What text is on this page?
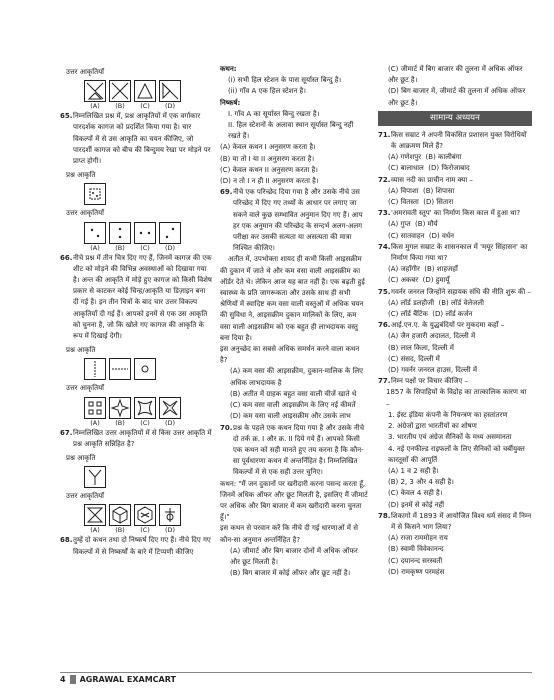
उत्तर आकृतियाँ

(A)	(B)	(C)	(D)
65. निम्नलिखित प्रश्न में, प्रश्न आकृतियों में एक वर्गाकार पारदर्शक कागज को प्रदर्शित किया गया है। चार विकल्पों में से उस आकृति का चयन कीजिए, जो पारदर्शी कागज को बीच की बिन्दुमय रेखा पर मोड़ने पर प्राप्त होगी।

प्रश्न आकृति

उत्तर आकृतियाँ

(A)	(B)	(C)	(D)
66. नीचे प्रश्न में तीन चित्र दिए गए हैं, जिनमें कागज की एक शीट को मोड़ने की विभिन्न अवस्थाओं को दिखाया गया है। अन्त की आकृति में मोड़े हुए कागज को किसी विशेष प्रकार से काटकर कोई चिन्ह/आकृति या डिज़ाइन बना दी गई है। इन तीन चित्रों के बाद चार उत्तर विकल्प आकृतियाँ दी गई हैं। आपको इनमें से एक उस आकृति को चुनना है, जो कि खोले गए कागज की आकृति के रूप में दिखाई देगी।

प्रश्न आकृति

उत्तर आकृतियाँ

(A)	(B)	(C)	(D)
67. निम्नलिखित उत्तर आकृतियों में से किस उत्तर आकृति में प्रश्न आकृति सन्निहित है?

प्रश्न आकृति

उत्तर आकृतियाँ

(A)	(B)	(C)	(D)
68. तुम्हें दो कथन तथा दो निष्कर्ष दिए गए हैं। नीचे दिए गए विकल्पों में से निष्कर्षों के बारे में टिप्पणी कीजिए

कथन:

(i) सभी हिल स्टेशन के पास सूर्यास्त बिन्दु है।

(ii) गाँव A एक हिल स्टेशन है।

निष्कर्ष:

I. गाँव A का सूर्यास्त बिन्दु रखता है।

II. हिल स्टेशनों के अलावा स्थान सूर्यास्त बिन्दु नहीं रखते हैं।

(A) केवल कथन I अनुसरण करता है।

(B) या तो I या II अनुसरण करता है।

(C) केवल कथन II अनुसरण करता है।

(D) न तो I न ही II अनुसरण करता है।

69. नीचे एक परिच्छेद दिया गया है और उसके नीचे उस परिच्छेद में दिए गए तथ्यों के आधार पर लगाए जा सकने वाले कुछ सम्भावित अनुमान दिए गए हैं। आप हर एक अनुमान की परिच्छेद के सन्दर्भ अलग-अलग परीक्षा कर उसकी सत्यता या असत्यता की मात्रा निश्चित कीजिए।

अतीत में, उपभोक्ता शायद ही कभी किसी आइसक्रीम की दुकान में जाते थे और कम वसा वाली आइसक्रीम का ऑर्डर देते थे। लेकिन आज यह बात नहीं है। एक बढ़ती हुई स्वास्थ्य के प्रति जागरूकता और उसके साथ ही सभी श्रेणियों में स्वादिष्ट कम वसा वाली वस्तुओं में अधिक चयन की सुविधा ने, आइसक्रीम दुकान मालिकों के लिए, कम वसा वाली आइसक्रीम को एक बहुत ही लाभदायक वस्तु बना दिया है।

इस अनुच्छेद का सबसे अधिक समर्थन करने वाला कथन है?

(A) कम वसा की आइसक्रीम, दुकान-मालिक के लिए अधिक लाभदायक है

(B) अतीत में ग्राहक बहुत वसा वाली चीजें खाते थे

(C) कम वसा वाली आइसक्रीम के लिए नई कीमतें

(D) कम वसा वाली आइसक्रीम और उसके लाभ

70. प्रश्न के पहले एक कथन दिया गया है और उसके नीचे दो तर्क क्र. I और क्र. II दिये गये हैं। आपको किसी एक कथन को सही मानते हुए तय करना है कि कौन-सा पूर्वधारणा कथन में अन्तर्निहित है। निम्नलिखित विकल्पों में से एक सही उत्तर चुनिए।

कथन: "मैं जन दुकानों पर खरीदारी करना पसन्द करता हूँ, जिनमें अधिक ऑफर और छूट मिलती है, इसलिए मैं जीमार्ट पर अधिक और बिग बाजार में कम खरीदारी करना चुनता हूँ।"

इस कथन से परवान करें कि नीचे दी गई धारणाओं में से कौन-सा अनुमान अन्तर्निहित है?

(A) जीमार्ट और बिग बाजार दोनों में अधिक ऑफर और छूट मिलती है।

(B) बिग बाजार में कोई ऑफर और छूट नहीं है।

(C) जीमार्ट में बिग बाजार की तुलना में अधिक ऑफर और छूट है।

(D) बिग बाजार में, जीमार्ट की तुलना में अधिक ऑफर और छूट है।

सामान्य अध्ययन
71. किस सम्राट ने अपनी विकसित प्रशासन युक्त विरोधियों के आक्रमण मिले हैं?

(A) गणेशपुर (B) कालीबंगा

(C) बालाधाल (D) फिरोजाबाद

72. व्यास नदी का प्राचीन नाम क्या –

(A) विपाशा (B) शिपासा

(C) वितस्ता (D) सितारा

73. 'अमरावती स्तूप' का निर्माण किस काल में हुआ था?

(A) गुप्त (B) मौर्य

(C) सातवाहन (D) वर्धन

74. किस मुगल सम्राट के शासनकाल में 'मयूर सिंहासन' का निर्माण किया गया था?

(A) जहाँगीर (B) शाहजहाँ

(C) अकबर (D) हुमायूँ

75. गवर्नर जनरल जिन्होंने सहायक संधि की नीति शुरू की –

(A) लॉर्ड डलहौजी (B) लॉर्ड वेलेजली

(C) लॉर्ड बैंटिंक (D) लॉर्ड कर्जन

76. आई.एन.ए. के युद्धबंदियों पर मुकदमा कहाँ –

(A) जैन हजारी अदालत, दिल्ली में

(B) लाल किला, दिल्ली में

(C) संसद, दिल्ली में

(D) गवर्नर जनरल हाउस, दिल्ली में

77. निम्न पक्षों पर विचार कीजिए –

1857 के सिपाहियों के विद्रोह का तात्कालिक कारण था –

1. ईस्ट इंडिया कंपनी के नियन्त्रण का हस्तांतरण

2. अंग्रेजों द्वारा भारतीयों का शोषण

3. भारतीय एवं अंग्रेज सैनिकों के मध्य असमानता

4. नई एनफील्ड राइफलों के लिए सैनिकों को चर्बीयुक्त कारतूसों की आपूर्ति

(A) 1 व 2 सही है।

(B) 2, 3 और 4 सही है।

(C) केवल 4 सही है।

(D) इनमें से कोई नहीं

78. शिकागो में 1893 में आयोजित विश्व धर्म संसद में निम्न में से किसने भाग लिया?

(A) राजा राममोहन राय

(B) स्वामी विवेकानन्द

(C) दयानन्द सरस्वती

(D) रामकृष्ण परमहंस

4 AGRAWAL EXAMCART
